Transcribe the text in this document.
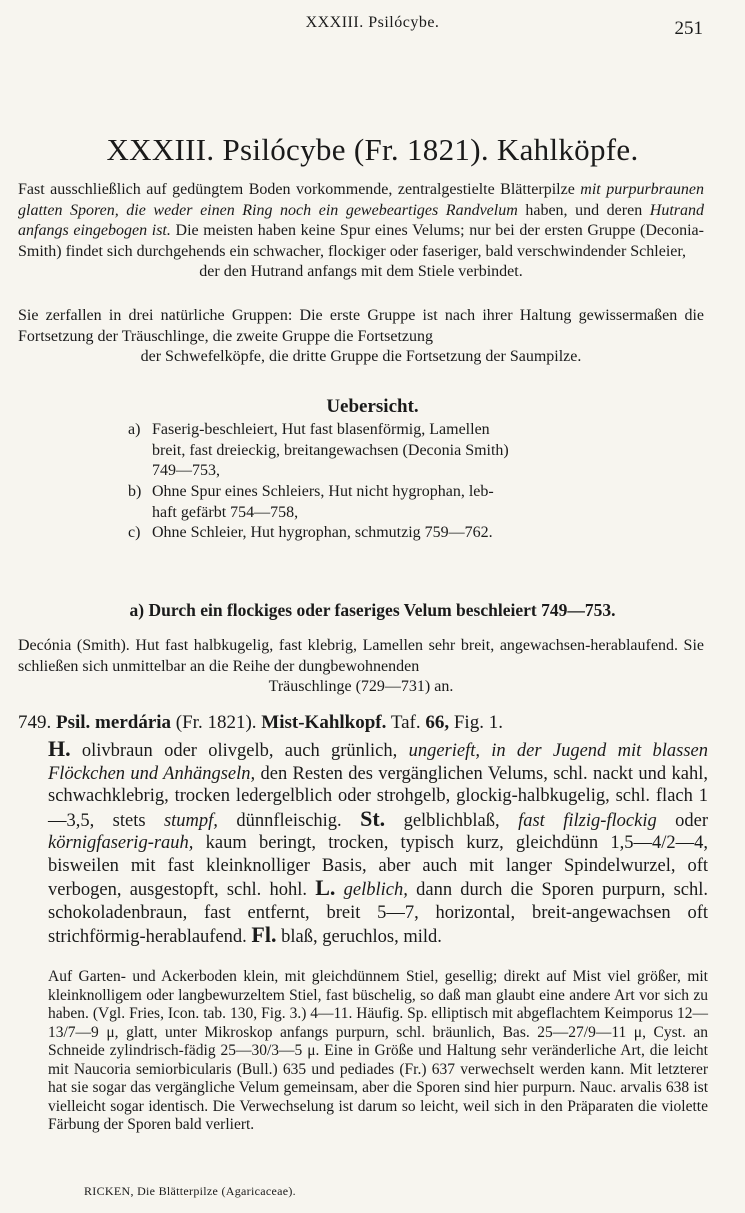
XXXIII. Psilócybe.	251
XXXIII. Psilócybe (Fr. 1821). Kahlköpfe.
Fast ausschließlich auf gedüngtem Boden vorkommende, zentralgestielte Blätterpilze mit purpurbraunen glatten Sporen, die weder einen Ring noch ein gewebeartiges Randvelum haben, und deren Hutrand anfangs eingebogen ist. Die meisten haben keine Spur eines Velums; nur bei der ersten Gruppe (Deconia-Smith) findet sich durchgehends ein schwacher, flockiger oder faseriger, bald verschwindender Schleier,
der den Hutrand anfangs mit dem Stiele verbindet.
Sie zerfallen in drei natürliche Gruppen: Die erste Gruppe ist nach ihrer Haltung gewissermaßen die Fortsetzung der Träuschlinge, die zweite Gruppe die Fortsetzung
der Schwefelköpfe, die dritte Gruppe die Fortsetzung der Saumpilze.
Uebersicht.
a) Faserig-beschleiert, Hut fast blasenförmig, Lamellen
breit, fast dreieckig, breitangewachsen (Deconia Smith)
749—753,
b) Ohne Spur eines Schleiers, Hut nicht hygrophan, leb-
haft gefärbt 754—758,
c) Ohne Schleier, Hut hygrophan, schmutzig 759—762.
a) Durch ein flockiges oder faseriges Velum beschleiert 749—753.
Decónia (Smith). Hut fast halbkugelig, fast klebrig, Lamellen sehr breit, angewachsen-herablaufend. Sie schließen sich unmittelbar an die Reihe der dungbewohnenden
Träuschlinge (729—731) an.
749. Psil. merdária (Fr. 1821). Mist-Kahlkopf. Taf. 66, Fig. 1.
H. olivbraun oder olivgelb, auch grünlich, ungerieft, in der Jugend mit blassen Flöckchen und Anhängseln, den Resten des vergänglichen Velums, schl. nackt und kahl, schwachklebrig, trocken ledergelblich oder strohgelb, glockig-halbkugelig, schl. flach 1—3,5, stets stumpf, dünnfleischig. St. gelblichblaß, fast filzig-flockig oder körnigfaserig-rauh, kaum beringt, trocken, typisch kurz, gleichdünn 1,5—4/2—4, bisweilen mit fast kleinknolliger Basis, aber auch mit langer Spindelwurzel, oft verbogen, ausgestopft, schl. hohl. L. gelblich, dann durch die Sporen purpurn, schl. schokoladenbraun, fast entfernt, breit 5—7, horizontal, breit-angewachsen oft strichförmig-herablaufend. Fl. blaß, geruchlos, mild.
Auf Garten- und Ackerboden klein, mit gleichdünnem Stiel, gesellig; direkt auf Mist viel größer, mit kleinknolligem oder langbewurzeltem Stiel, fast büschelig, so daß man glaubt eine andere Art vor sich zu haben. (Vgl. Fries, Icon. tab. 130, Fig. 3.) 4—11. Häufig. Sp. elliptisch mit abgeflachtem Keimporus 12—13/7—9 μ, glatt, unter Mikroskop anfangs purpurn, schl. bräunlich, Bas. 25—27/9—11 μ, Cyst. an Schneide zylindrisch-fädig 25—30/3—5 μ. Eine in Größe und Haltung sehr veränderliche Art, die leicht mit Naucoria semiorbicularis (Bull.) 635 und pediades (Fr.) 637 verwechselt werden kann. Mit letzterer hat sie sogar das vergängliche Velum gemeinsam, aber die Sporen sind hier purpurn. Nauc. arvalis 638 ist vielleicht sogar identisch. Die Verwechselung ist darum so leicht, weil sich in den Präparaten die violette Färbung der Sporen bald verliert.
RICKEN, Die Blätterpilze (Agaricaceae).
